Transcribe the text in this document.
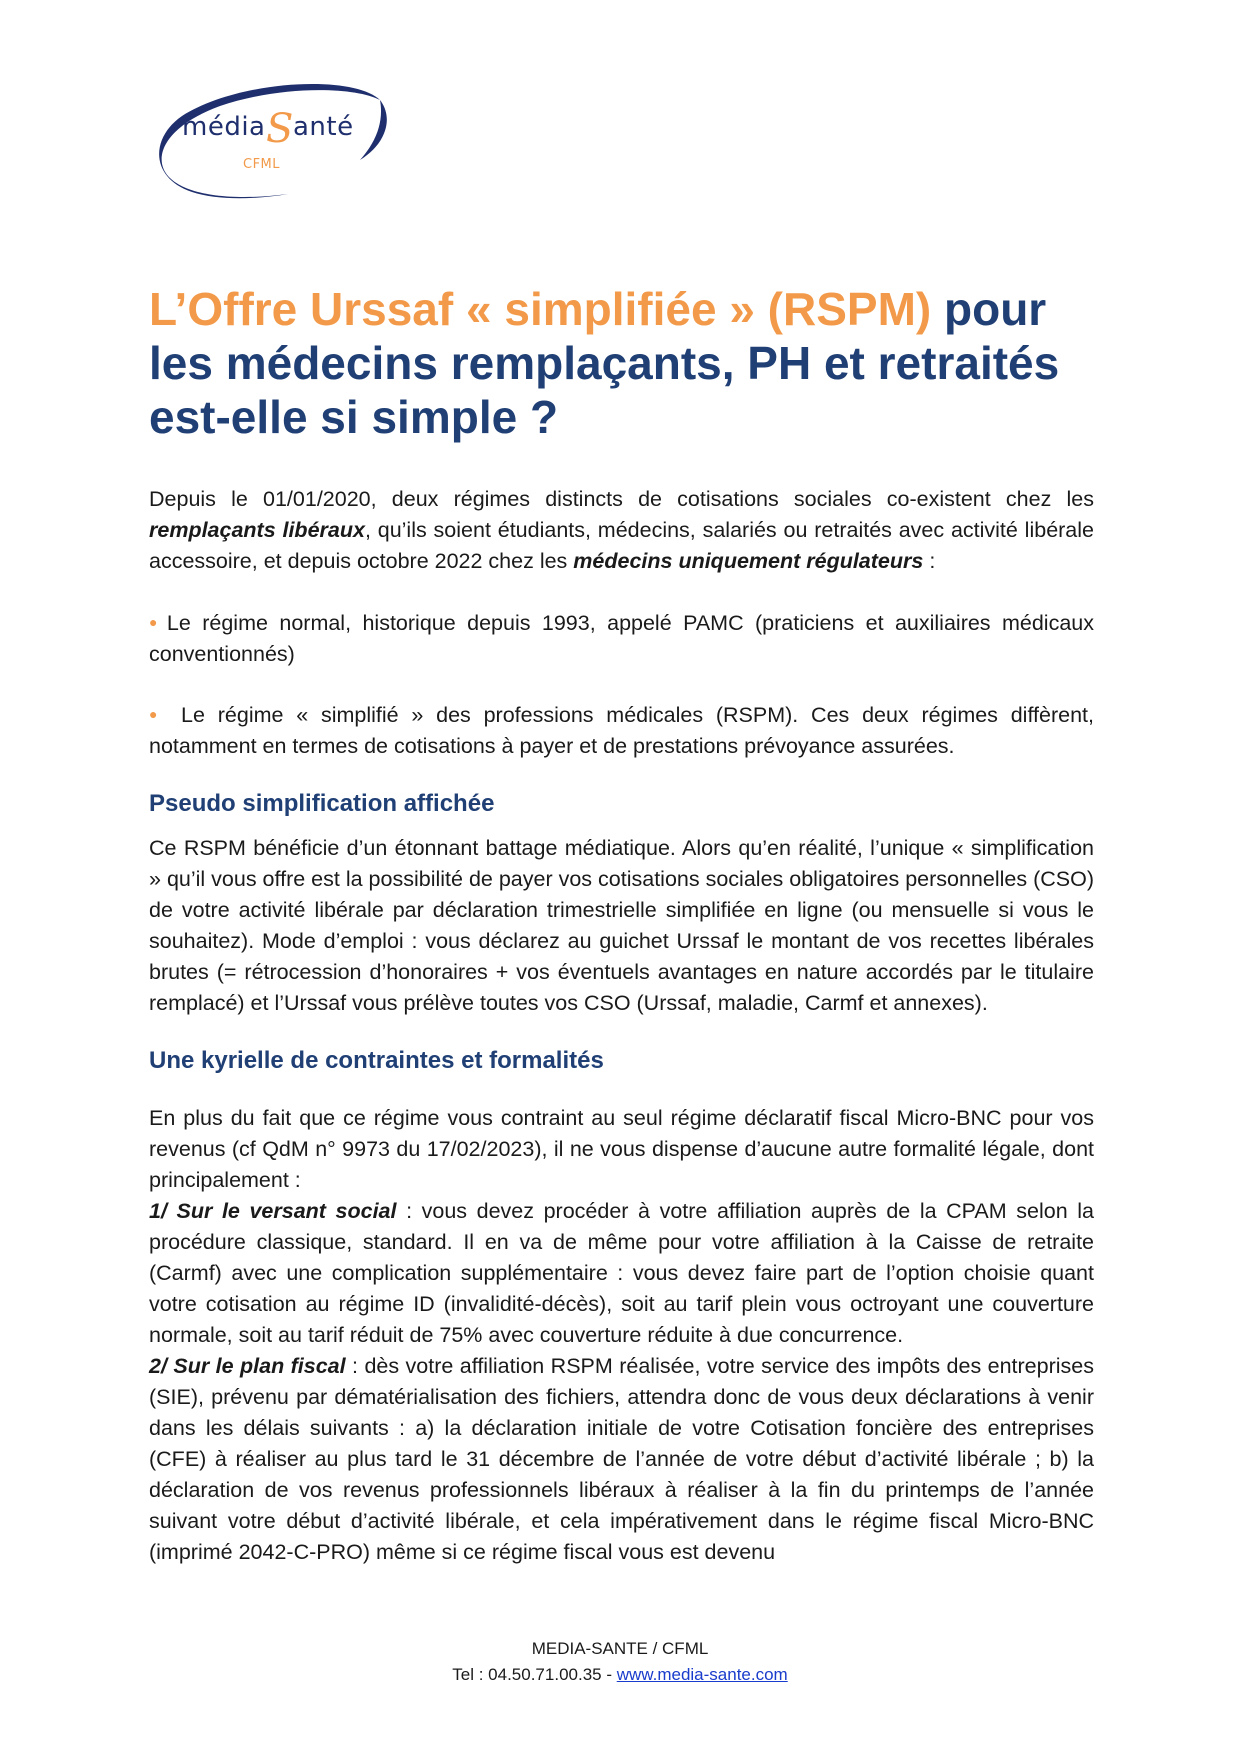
média S anté
CFML
L’Offre Urssaf « simplifiée » (RSPM) pour les médecins remplaçants, PH et retraités est-elle si simple ?

Depuis le 01/01/2020, deux régimes distincts de cotisations sociales co-existent chez les remplaçants libéraux, qu’ils soient étudiants, médecins, salariés ou retraités avec activité libérale accessoire, et depuis octobre 2022 chez les médecins uniquement régulateurs :

● Le régime normal, historique depuis 1993, appelé PAMC (praticiens et auxiliaires médicaux conventionnés)

● Le régime « simplifié » des professions médicales (RSPM). Ces deux régimes diffèrent, notamment en termes de cotisations à payer et de prestations prévoyance assurées.

Pseudo simplification affichée

Ce RSPM bénéficie d’un étonnant battage médiatique. Alors qu’en réalité, l’unique « simplification » qu’il vous offre est la possibilité de payer vos cotisations sociales obligatoires personnelles (CSO) de votre activité libérale par déclaration trimestrielle simplifiée en ligne (ou mensuelle si vous le souhaitez). Mode d’emploi : vous déclarez au guichet Urssaf le montant de vos recettes libérales brutes (= rétrocession d’honoraires + vos éventuels avantages en nature accordés par le titulaire remplacé) et l’Urssaf vous prélève toutes vos CSO (Urssaf, maladie, Carmf et annexes).

Une kyrielle de contraintes et formalités

En plus du fait que ce régime vous contraint au seul régime déclaratif fiscal Micro-BNC pour vos revenus (cf QdM n° 9973 du 17/02/2023), il ne vous dispense d’aucune autre formalité légale, dont principalement :
1/ Sur le versant social : vous devez procéder à votre affiliation auprès de la CPAM selon la procédure classique, standard. Il en va de même pour votre affiliation à la Caisse de retraite (Carmf) avec une complication supplémentaire : vous devez faire part de l’option choisie quant votre cotisation au régime ID (invalidité-décès), soit au tarif plein vous octroyant une couverture normale, soit au tarif réduit de 75% avec couverture réduite à due concurrence.
2/ Sur le plan fiscal : dès votre affiliation RSPM réalisée, votre service des impôts des entreprises (SIE), prévenu par dématérialisation des fichiers, attendra donc de vous deux déclarations à venir dans les délais suivants : a) la déclaration initiale de votre Cotisation foncière des entreprises (CFE) à réaliser au plus tard le 31 décembre de l’année de votre début d’activité libérale ; b) la déclaration de vos revenus professionnels libéraux à réaliser à la fin du printemps de l’année suivant votre début d’activité libérale, et cela impérativement dans le régime fiscal Micro-BNC (imprimé 2042-C-PRO) même si ce régime fiscal vous est devenu

MEDIA-SANTE / CFML
Tel : 04.50.71.00.35 - www.media-sante.com
